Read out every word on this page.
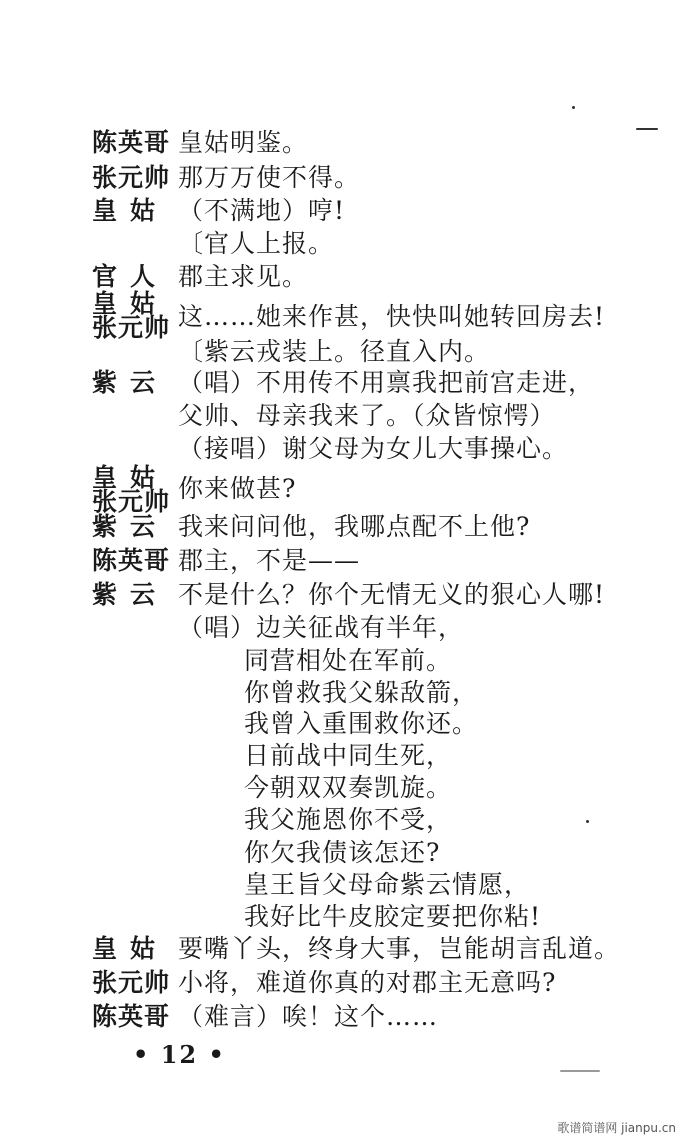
陈英哥 皇姑明鉴。
张元帅 那万万使不得。
皇 姑 （不满地）哼!
〔官人上报。
官 人 郡主求见。
皇 姑
张元帅 这……她来作甚，快快叫她转回房去!
〔紫云戎装上。径直入内。
紫 云 （唱）不用传不用禀我把前宫走进，
父帅、母亲我来了。（众皆惊愕）
（接唱）谢父母为女儿大事操心。
皇 姑
张元帅 你来做甚?
紫 云 我来问问他，我哪点配不上他?
陈英哥 郡主，不是——
紫 云 不是什么？你个无情无义的狠心人哪!
（唱）边关征战有半年，
同营相处在军前。
你曾救我父躲敌箭，
我曾入重围救你还。
日前战中同生死，
今朝双双奏凯旋。
我父施恩你不受，
你欠我债该怎还?
皇王旨父母命紫云情愿，
我好比牛皮胶定要把你粘!
皇 姑 要嘴丫头，终身大事，岂能胡言乱道。
张元帅 小将，难道你真的对郡主无意吗?
陈英哥 （难言）唉！这个……
• 12 •
歌谱简谱网 jianpu.cn
